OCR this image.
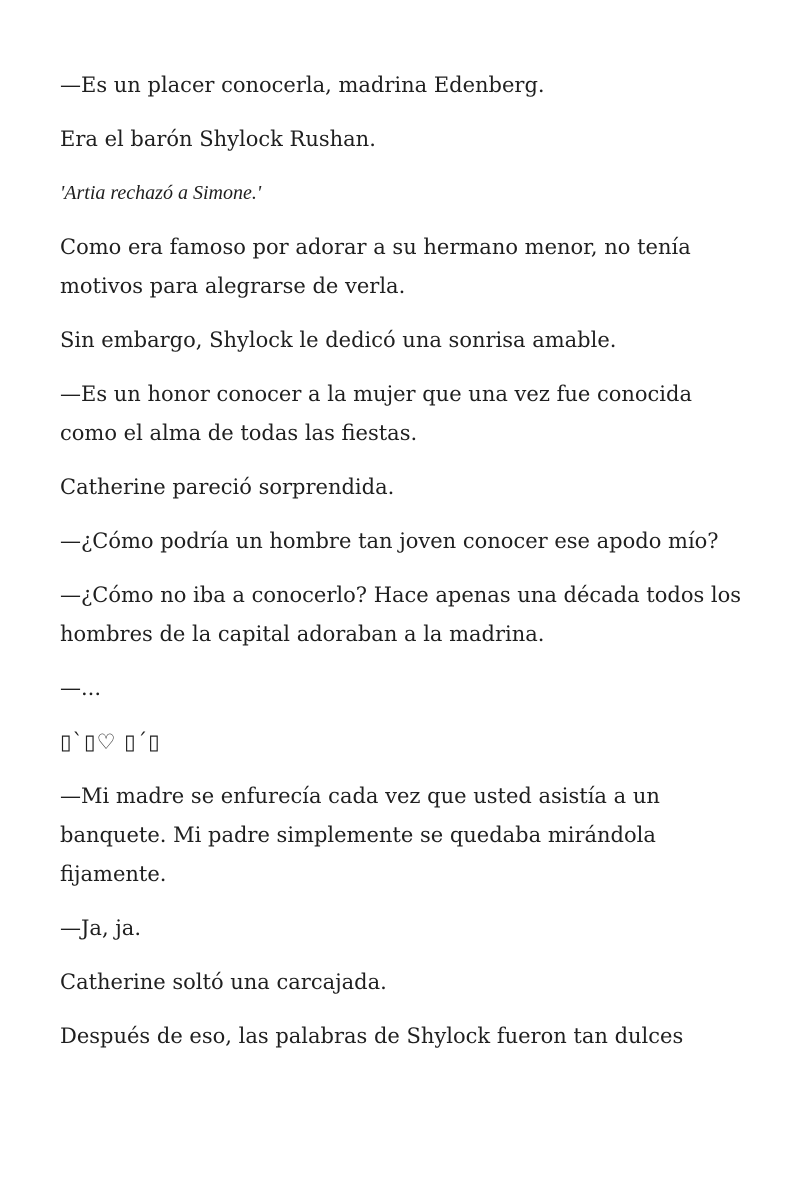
—Es un placer conocerla, madrina Edenberg.

Era el barón Shylock Rushan.

'Artia rechazó a Simone.'

Como era famoso por adorar a su hermano menor, no tenía motivos para alegrarse de verla.

Sin embargo, Shylock le dedicó una sonrisa amable.

—Es un honor conocer a la mujer que una vez fue conocida como el alma de todas las fiestas.

Catherine pareció sorprendida.

—¿Cómo podría un hombre tan joven conocer ese apodo mío?

—¿Cómo no iba a conocerlo? Hace apenas una década todos los hombres de la capital adoraban a la madrina.

—...

▯`▯♡ ▯´▯

—Mi madre se enfurecía cada vez que usted asistía a un banquete. Mi padre simplemente se quedaba mirándola fijamente.

—Ja, ja.

Catherine soltó una carcajada.

Después de eso, las palabras de Shylock fueron tan dulces
